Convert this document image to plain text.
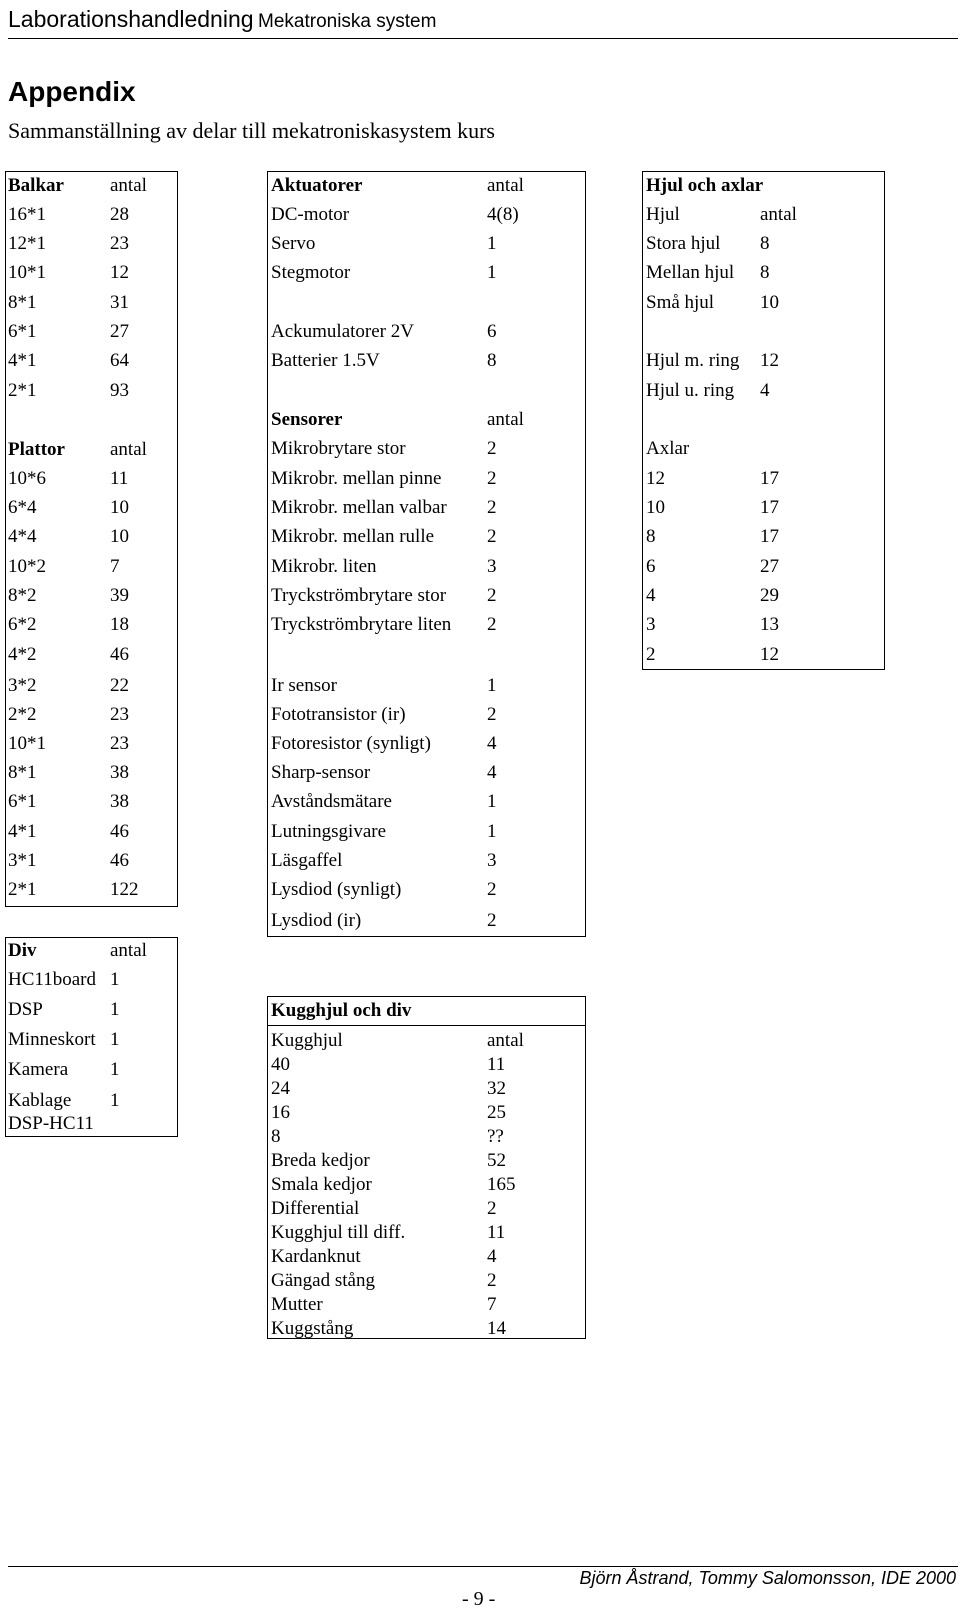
Laborationshandledning Mekatroniska system
Appendix
Sammanställning av delar till mekatroniskasystem kurs
Balkar antal
16*1	28
12*1	23
10*1	12
8*1	31
6*1	27
4*1	64
2*1	93
Plattor antal
10*6	11
6*4	10
4*4	10
10*2	7
8*2	39
6*2	18
4*2	46
3*2	22
2*2	23
10*1	23
8*1	38
6*1	38
4*1	46
3*1	46
2*1	122
Div	antal
HC11board 1
DSP	1
Minneskort 1
Kamera 1
Kablage 1
DSP-HC11
Aktuatorer	antal
DC-motor	4(8)
Servo	1
Stegmotor	1
Ackumulatorer 2V	6
Batterier 1.5V	8
Sensorer	antal
Mikrobrytare stor	2
Mikrobr. mellan pinne 2
Mikrobr. mellan valbar 2
Mikrobr. mellan rulle	2
Mikrobr. liten	3
Tryckströmbrytare stor 2
Tryckströmbrytare liten 2
Ir sensor	1
Fototransistor (ir)	2
Fotoresistor (synligt)	4
Sharp-sensor	4
Avståndsmätare	1
Lutningsgivare	1
Läsgaffel	3
Lysdiod (synligt)	2
Lysdiod (ir)	2
Kugghjul och div
Kugghjul	antal
40	11
24	32
16	25
8	??
Breda kedjor	52
Smala kedjor	165
Differential	2
Kugghjul till diff.	11
Kardanknut	4
Gängad stång	2
Mutter	7
Kuggstång	14
Hjul och axlar
Hjul	antal
Stora hjul 8
Mellan hjul 8
Små hjul 10
Hjul m. ring 12
Hjul u. ring 4
Axlar
12	17
10	17
8	17
6	27
4	29
3	13
2	12
Björn Åstrand, Tommy Salomonsson, IDE 2000
- 9 -
